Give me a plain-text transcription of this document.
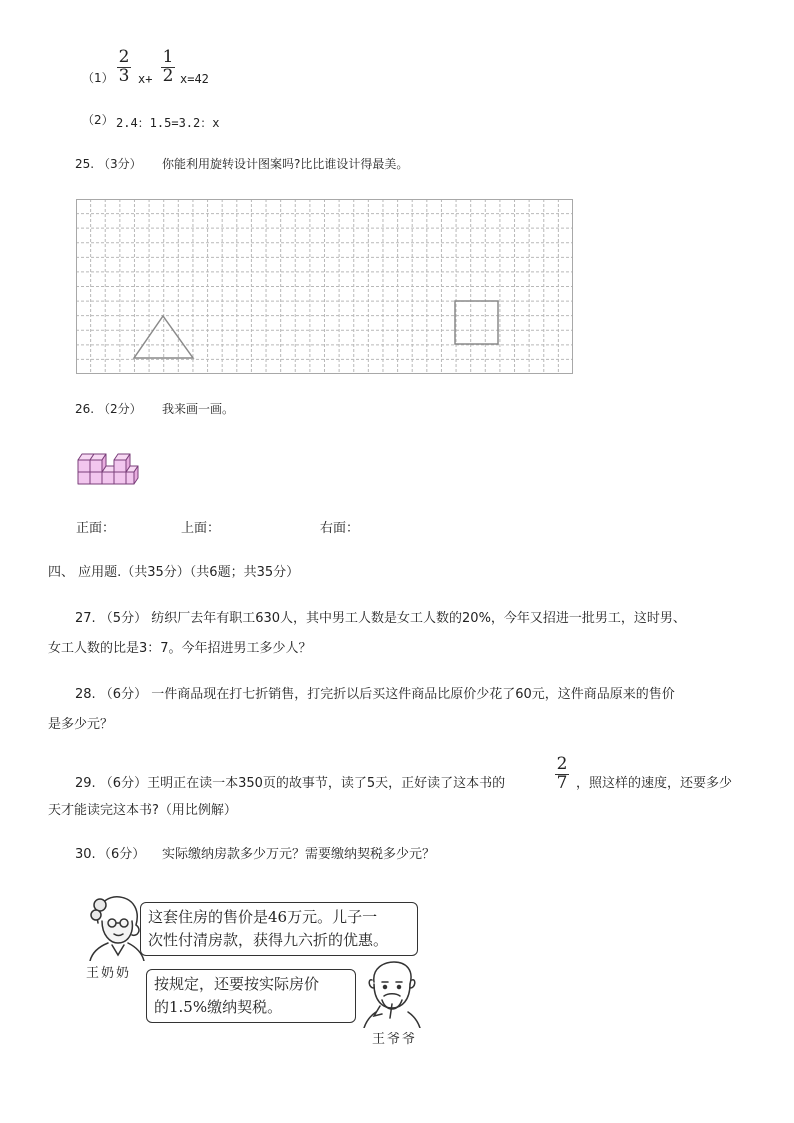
（1）
2
3 x+
1
2 x=42
（2） 2.4：1.5=3.2：x
25. （3分） 你能利用旋转设计图案吗?比比谁设计得最美。
26. （2分） 我来画一画。
正面：	上面：	右面：
四、 应用题.（共35分）（共6题；共35分）
27. （5分） 纺织厂去年有职工630人，其中男工人数是女工人数的20%，今年又招进一批男工，这时男、
女工人数的比是3：7。今年招进男工多少人？
28. （6分） 一件商品现在打七折销售，打完折以后买这件商品比原价少花了60元，这件商品原来的售价
是多少元？
29. （6分）王明正在读一本350页的故事节，读了5天，正好读了这本书的
2
7 ，照这样的速度，还要多少
天才能读完这本书?（用比例解）
30. （6分） 实际缴纳房款多少万元？需要缴纳契税多少元？
王奶奶
这套住房的售价是46万元。儿子一
次性付清房款，获得九六折的优惠。
按规定，还要按实际房价
的1.5%缴纳契税。
王爷爷
